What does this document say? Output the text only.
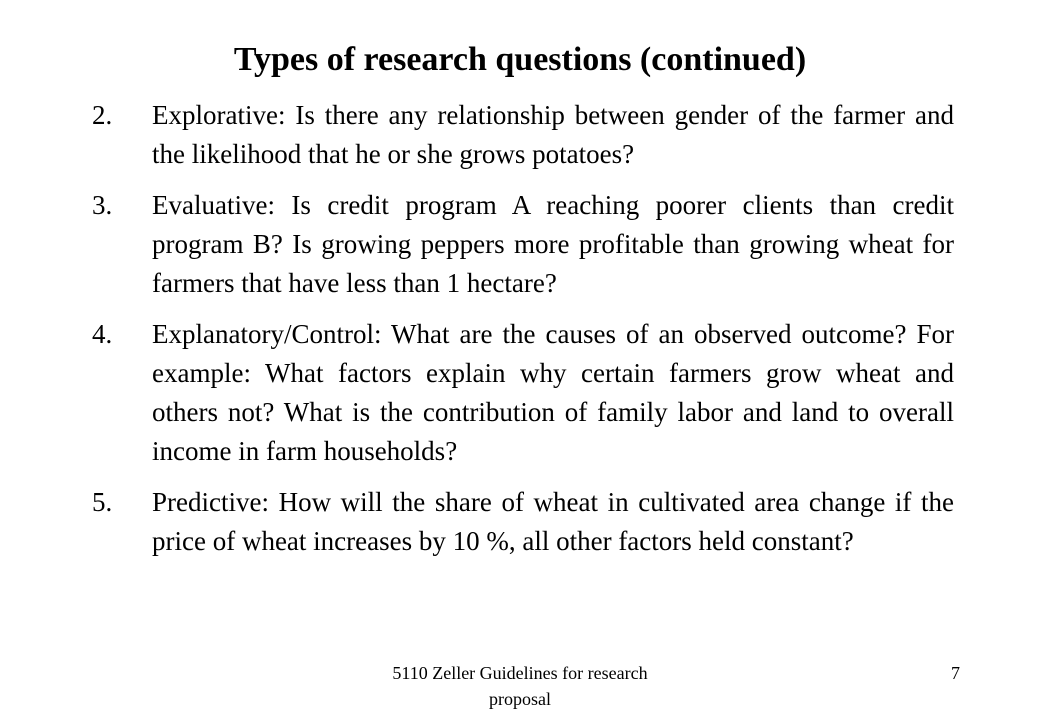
Types of research questions (continued)
2.	Explorative: Is there any relationship between gender of the farmer and the likelihood that he or she grows potatoes?
3.	Evaluative: Is credit program A reaching poorer clients than credit program B? Is growing peppers more profitable than growing wheat for farmers that have less than 1 hectare?
4.	Explanatory/Control: What are the causes of an observed outcome? For example: What factors explain why certain farmers grow wheat and others not? What is the contribution of family labor and land to overall income in farm households?
5.	Predictive: How will the share of wheat in cultivated area change if the price of wheat increases by 10 %, all other factors held constant?
5110 Zeller Guidelines for research proposal
7
